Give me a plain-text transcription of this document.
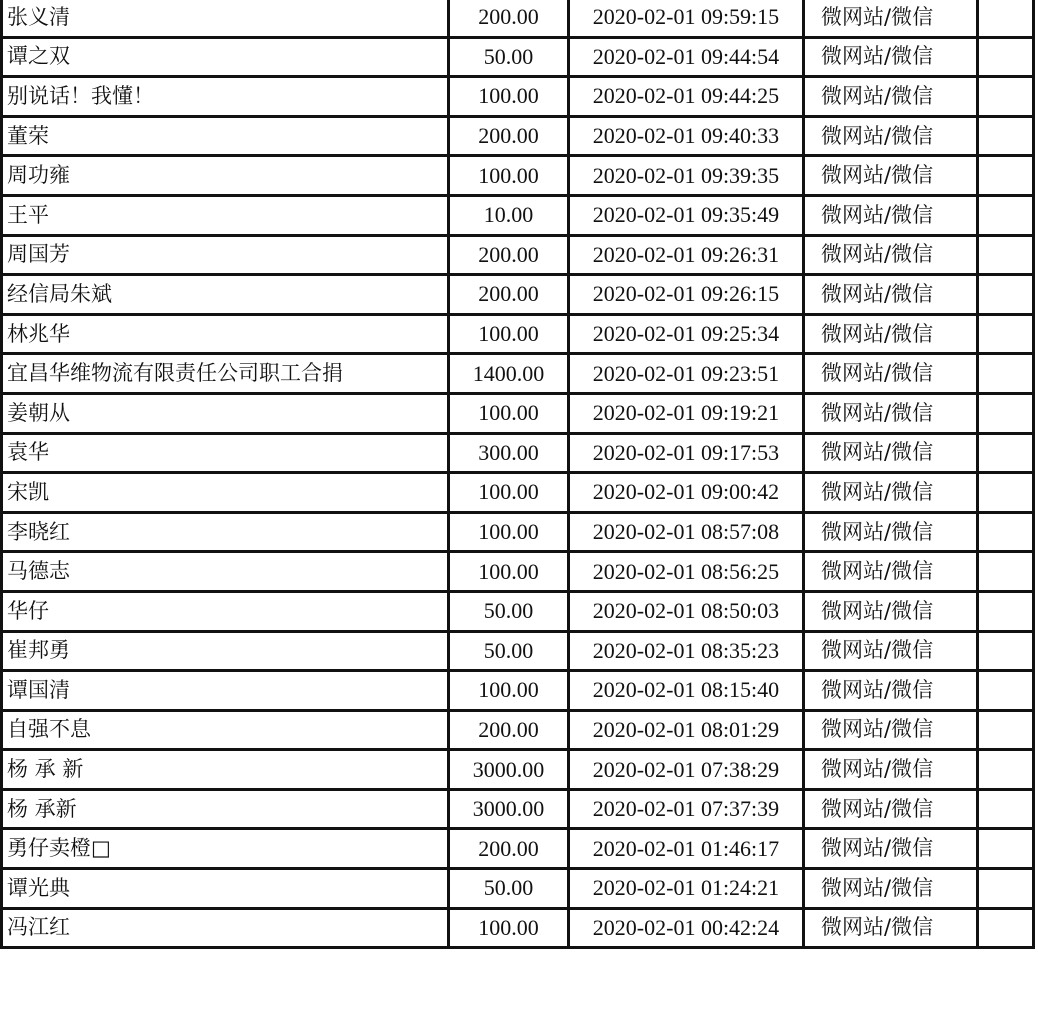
张义清	200.00	2020-02-01 09:59:15	微网站/微信	
谭之双	50.00	2020-02-01 09:44:54	微网站/微信	
别说话！我懂！	100.00	2020-02-01 09:44:25	微网站/微信	
董荣	200.00	2020-02-01 09:40:33	微网站/微信	
周功雍	100.00	2020-02-01 09:39:35	微网站/微信	
王平	10.00	2020-02-01 09:35:49	微网站/微信	
周国芳	200.00	2020-02-01 09:26:31	微网站/微信	
经信局朱斌	200.00	2020-02-01 09:26:15	微网站/微信	
林兆华	100.00	2020-02-01 09:25:34	微网站/微信	
宜昌华维物流有限责任公司职工合捐	1400.00	2020-02-01 09:23:51	微网站/微信	
姜朝从	100.00	2020-02-01 09:19:21	微网站/微信	
袁华	300.00	2020-02-01 09:17:53	微网站/微信	
宋凯	100.00	2020-02-01 09:00:42	微网站/微信	
李晓红	100.00	2020-02-01 08:57:08	微网站/微信	
马德志	100.00	2020-02-01 08:56:25	微网站/微信	
华仔	50.00	2020-02-01 08:50:03	微网站/微信	
崔邦勇	50.00	2020-02-01 08:35:23	微网站/微信	
谭国清	100.00	2020-02-01 08:15:40	微网站/微信	
自强不息	200.00	2020-02-01 08:01:29	微网站/微信	
杨 承 新	3000.00	2020-02-01 07:38:29	微网站/微信	
杨 承新	3000.00	2020-02-01 07:37:39	微网站/微信	
勇仔卖橙□	200.00	2020-02-01 01:46:17	微网站/微信	
谭光典	50.00	2020-02-01 01:24:21	微网站/微信	
冯江红	100.00	2020-02-01 00:42:24	微网站/微信	
